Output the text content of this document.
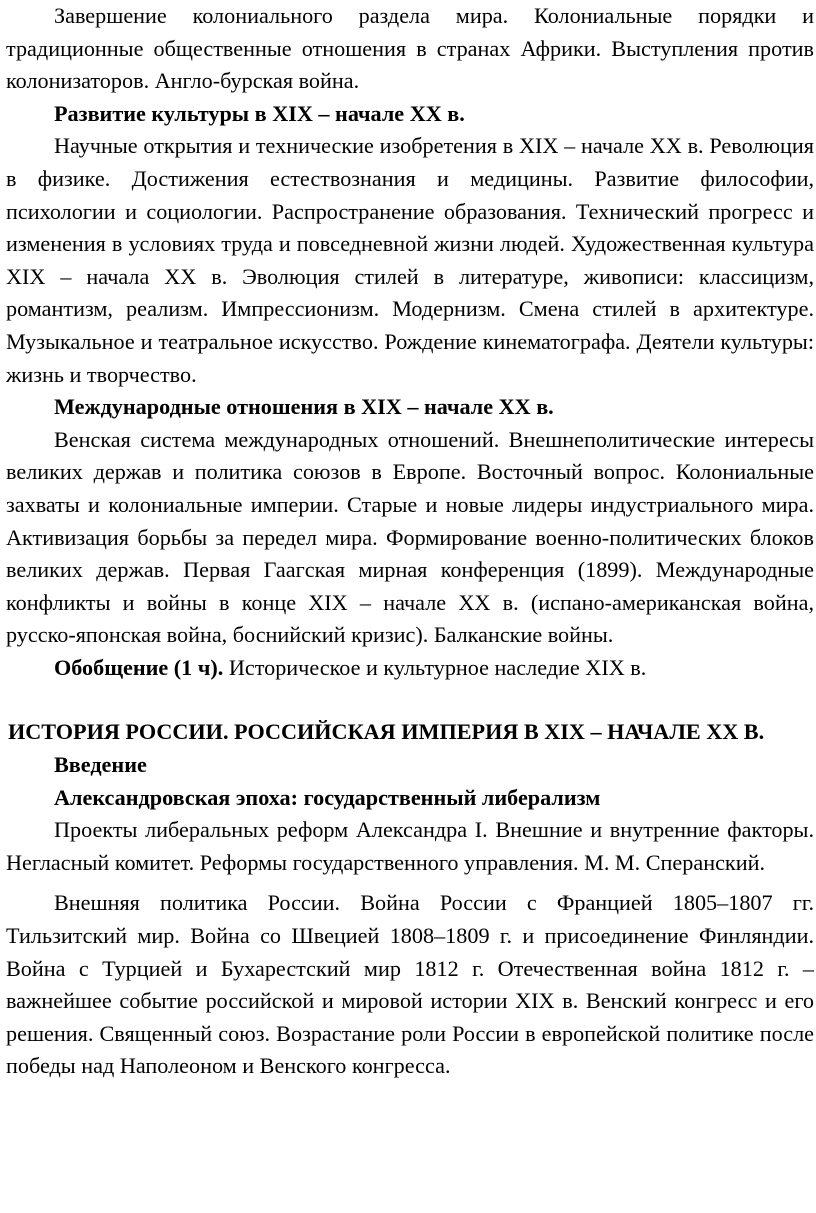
Завершение колониального раздела мира. Колониальные порядки и традиционные общественные отношения в странах Африки. Выступления против колонизаторов. Англо-бурская война.

Развитие культуры в XIX – начале ХХ в.

Научные открытия и технические изобретения в XIX – начале ХХ в. Революция в физике. Достижения естествознания и медицины. Развитие философии, психологии и социологии. Распространение образования. Технический прогресс и изменения в условиях труда и повседневной жизни людей. Художественная культура XIX – начала ХХ в. Эволюция стилей в литературе, живописи: классицизм, романтизм, реализм. Импрессионизм. Модернизм. Смена стилей в архитектуре. Музыкальное и театральное искусство. Рождение кинематографа. Деятели культуры: жизнь и творчество.

Международные отношения в XIX – начале XX в.

Венская система международных отношений. Внешнеполитические интересы великих держав и политика союзов в Европе. Восточный вопрос. Колониальные захваты и колониальные империи. Старые и новые лидеры индустриального мира. Активизация борьбы за передел мира. Формирование военно-политических блоков великих держав. Первая Гаагская мирная конференция (1899). Международные конфликты и войны в конце XIX – начале ХХ в. (испано-американская война, русско-японская война, боснийский кризис). Балканские войны.

Обобщение (1 ч). Историческое и культурное наследие XIX в.

ИСТОРИЯ РОССИИ. РОССИЙСКАЯ ИМПЕРИЯ В XIX – НАЧАЛЕ XX В.

Введение

Александровская эпоха: государственный либерализм

Проекты либеральных реформ Александра I. Внешние и внутренние факторы. Негласный комитет. Реформы государственного управления. М. М. Сперанский.

Внешняя политика России. Война России с Францией 1805–1807 гг. Тильзитский мир. Война со Швецией 1808–1809 г. и присоединение Финляндии. Война с Турцией и Бухарестский мир 1812 г. Отечественная война 1812 г. – важнейшее событие российской и мировой истории XIX в. Венский конгресс и его решения. Священный союз. Возрастание роли России в европейской политике после победы над Наполеоном и Венского конгресса.
